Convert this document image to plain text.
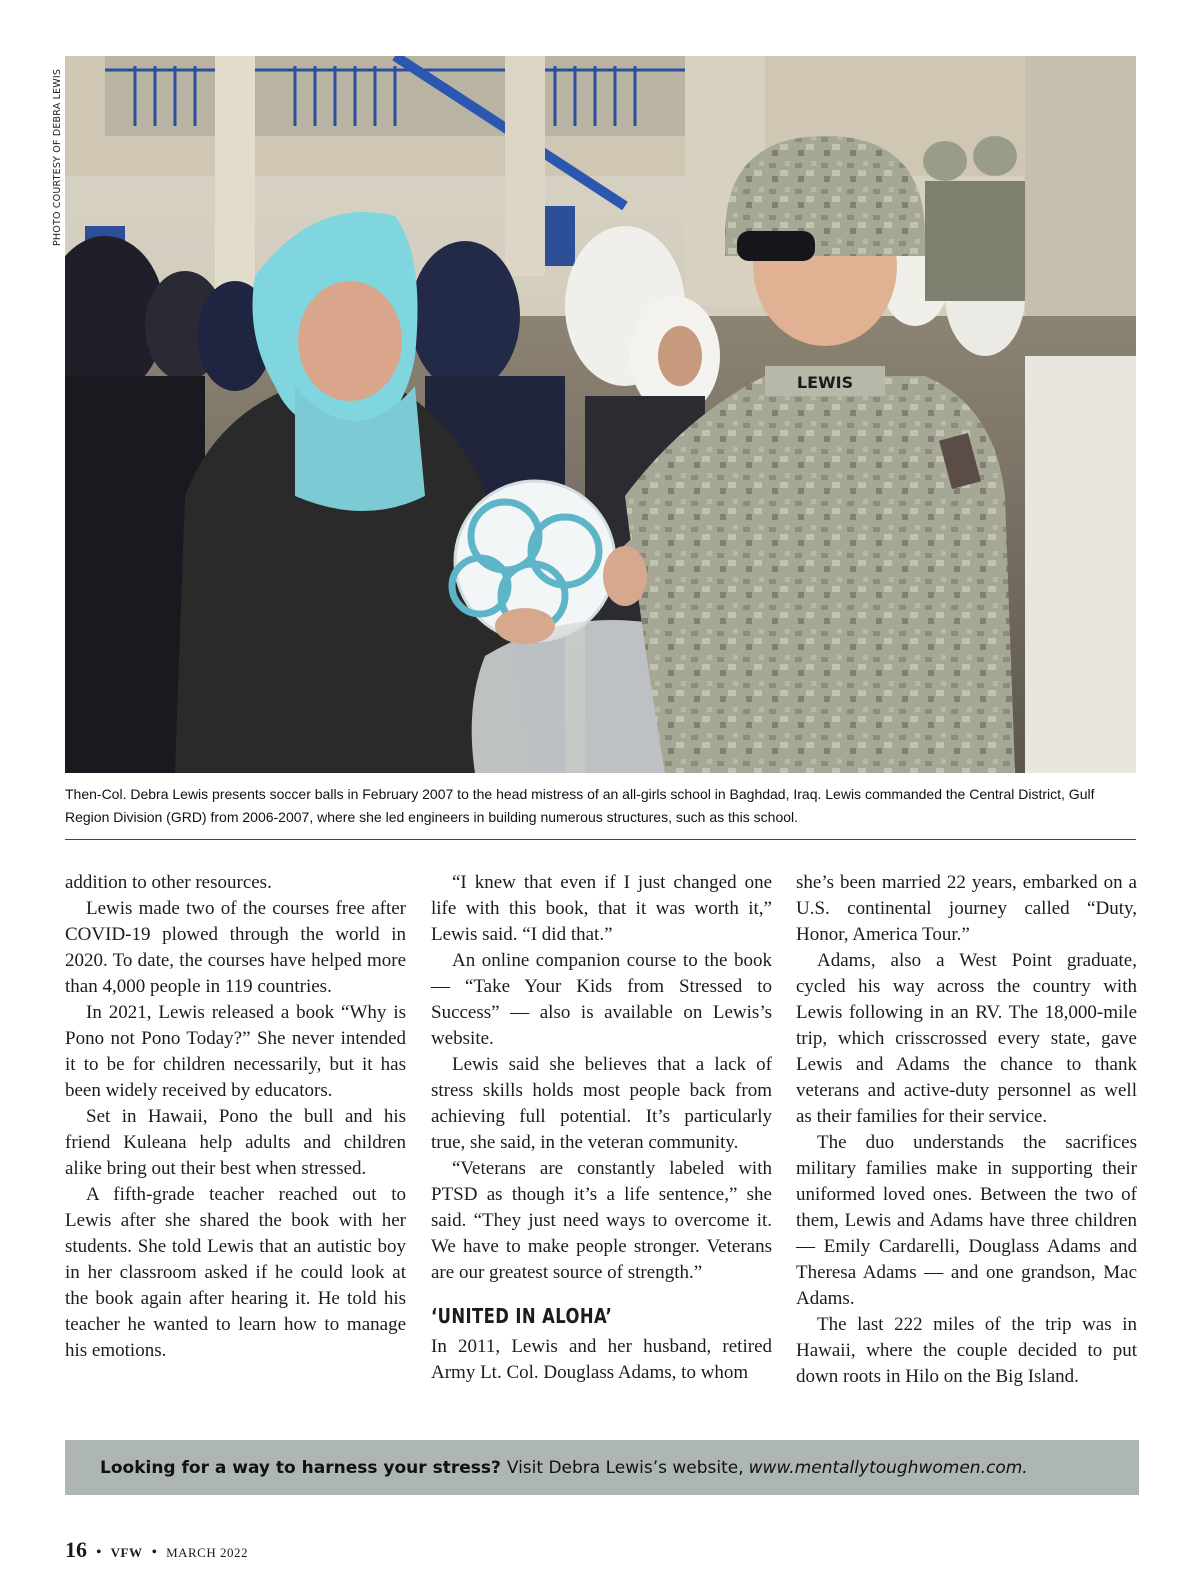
PHOTO COURTESY OF DEBRA LEWIS
LEWIS
Then-Col. Debra Lewis presents soccer balls in February 2007 to the head mistress of an all-girls school in Baghdad, Iraq. Lewis commanded the Central District, Gulf Region Division (GRD) from 2006-2007, where she led engineers in building numerous structures, such as this school.

addition to other resources.

Lewis made two of the courses free after COVID-19 plowed through the world in 2020. To date, the courses have helped more than 4,000 people in 119 countries.

In 2021, Lewis released a book “Why is Pono not Pono Today?” She never intended it to be for children necessarily, but it has been widely received by educators.

Set in Hawaii, Pono the bull and his friend Kuleana help adults and children alike bring out their best when stressed.

A fifth-grade teacher reached out to Lewis after she shared the book with her students. She told Lewis that an autistic boy in her classroom asked if he could look at the book again after hearing it. He told his teacher he wanted to learn how to manage his emotions.

“I knew that even if I just changed one life with this book, that it was worth it,” Lewis said. “I did that.”

An online companion course to the book — “Take Your Kids from Stressed to Success” — also is available on Lewis’s website.

Lewis said she believes that a lack of stress skills holds most people back from achieving full potential. It’s particularly true, she said, in the veteran community.

“Veterans are constantly labeled with PTSD as though it’s a life sentence,” she said. “They just need ways to overcome it. We have to make people stronger. Veterans are our greatest source of strength.”

‘UNITED IN ALOHA’

In 2011, Lewis and her husband, retired Army Lt. Col. Douglass Adams, to whom

she’s been married 22 years, embarked on a U.S. continental journey called “Duty, Honor, America Tour.”

Adams, also a West Point graduate, cycled his way across the country with Lewis following in an RV. The 18,000-mile trip, which crisscrossed every state, gave Lewis and Adams the chance to thank veterans and active-duty personnel as well as their families for their service.

The duo understands the sacrifices military families make in supporting their uniformed loved ones. Between the two of them, Lewis and Adams have three children — Emily Cardarelli, Douglass Adams and Theresa Adams — and one grandson, Mac Adams.

The last 222 miles of the trip was in Hawaii, where the couple decided to put down roots in Hilo on the Big Island.

Looking for a way to harness your stress? Visit Debra Lewis’s website, www.mentallytoughwomen.com.
16 • VFW • MARCH 2022
